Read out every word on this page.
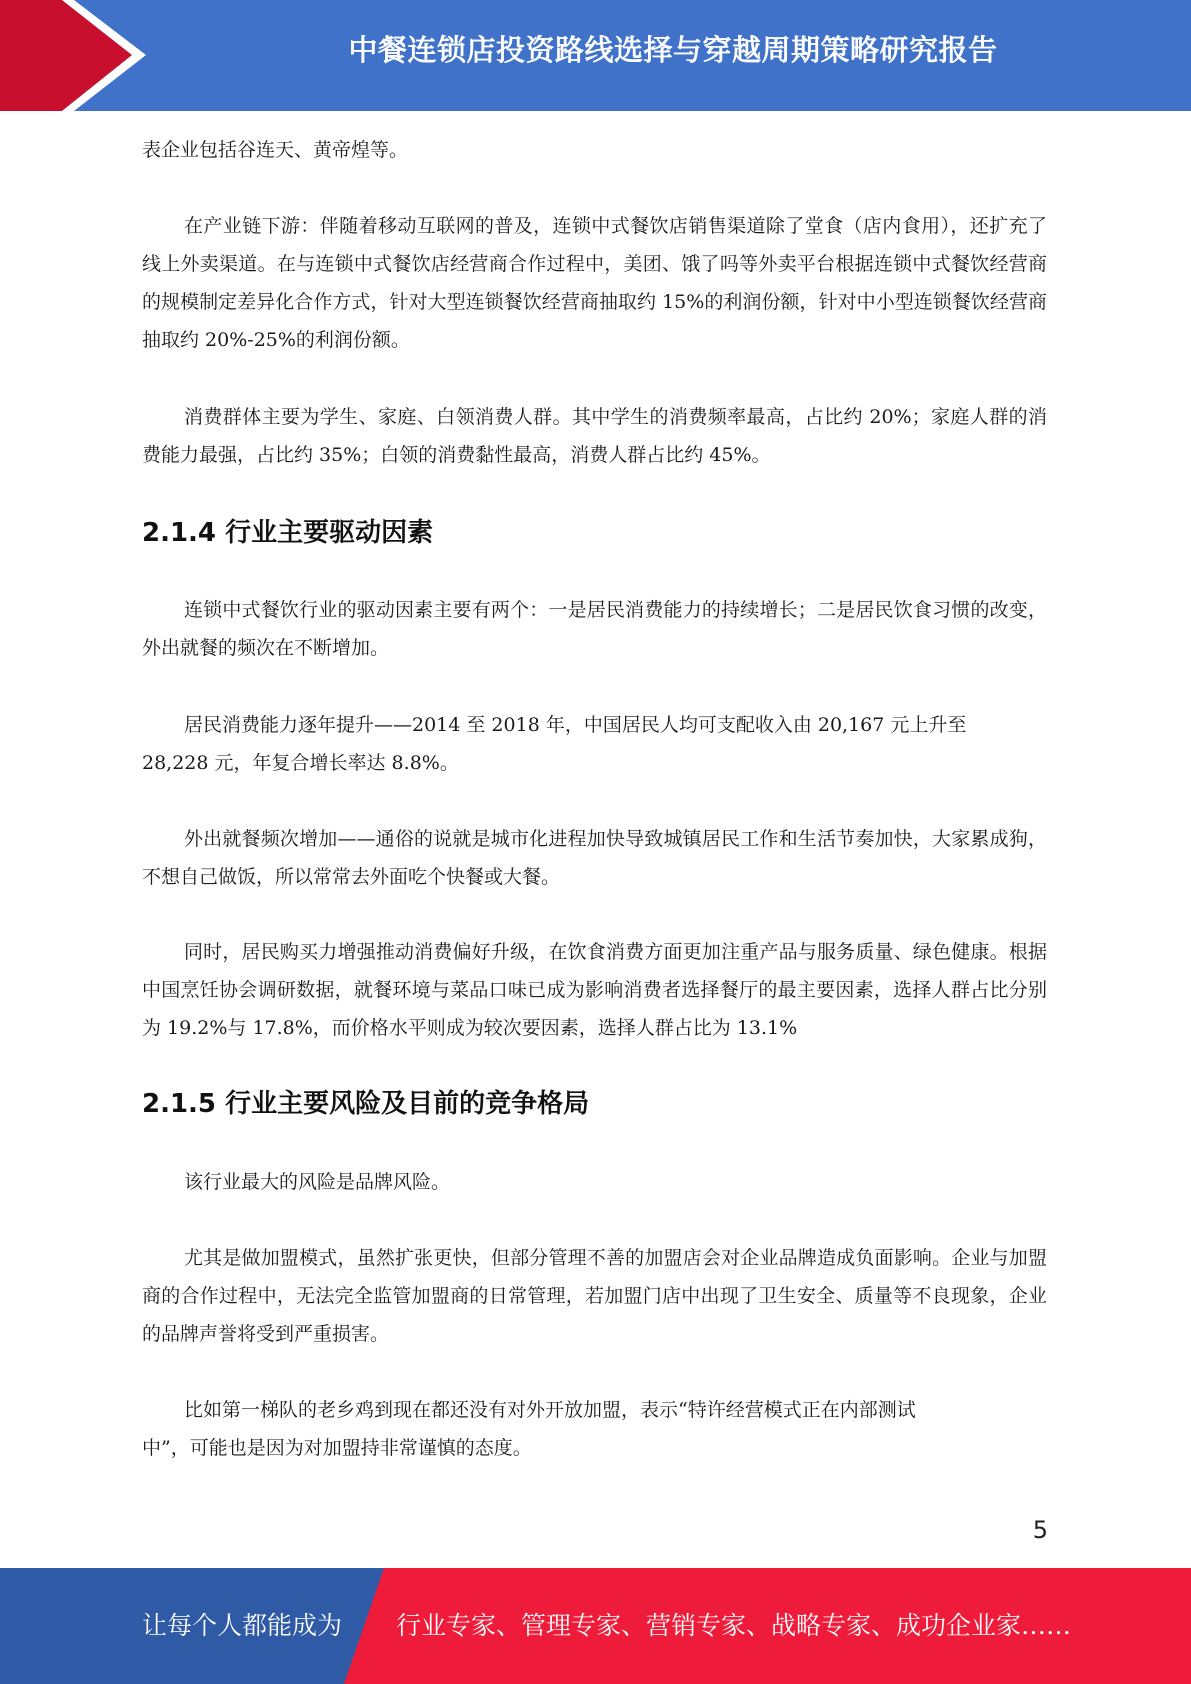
中餐连锁店投资路线选择与穿越周期策略研究报告

表企业包括谷连天、黄帝煌等。

在产业链下游：伴随着移动互联网的普及，连锁中式餐饮店销售渠道除了堂食（店内食用），还扩充了线上外卖渠道。在与连锁中式餐饮店经营商合作过程中，美团、饿了吗等外卖平台根据连锁中式餐饮经营商的规模制定差异化合作方式，针对大型连锁餐饮经营商抽取约 15%的利润份额，针对中小型连锁餐饮经营商抽取约 20%-25%的利润份额。

消费群体主要为学生、家庭、白领消费人群。其中学生的消费频率最高，占比约 20%；家庭人群的消费能力最强，占比约 35%；白领的消费黏性最高，消费人群占比约 45%。

2.1.4 行业主要驱动因素

连锁中式餐饮行业的驱动因素主要有两个：一是居民消费能力的持续增长；二是居民饮食习惯的改变，外出就餐的频次在不断增加。

居民消费能力逐年提升——2014 至 2018 年，中国居民人均可支配收入由 20,167 元上升至

28,228 元，年复合增长率达 8.8%。

外出就餐频次增加——通俗的说就是城市化进程加快导致城镇居民工作和生活节奏加快，大家累成狗，不想自己做饭，所以常常去外面吃个快餐或大餐。

同时，居民购买力增强推动消费偏好升级，在饮食消费方面更加注重产品与服务质量、绿色健康。根据中国烹饪协会调研数据，就餐环境与菜品口味已成为影响消费者选择餐厅的最主要因素，选择人群占比分别为 19.2%与 17.8%，而价格水平则成为较次要因素，选择人群占比为 13.1%

2.1.5 行业主要风险及目前的竞争格局

该行业最大的风险是品牌风险。

尤其是做加盟模式，虽然扩张更快，但部分管理不善的加盟店会对企业品牌造成负面影响。企业与加盟商的合作过程中，无法完全监管加盟商的日常管理，若加盟门店中出现了卫生安全、质量等不良现象，企业的品牌声誉将受到严重损害。

比如第一梯队的老乡鸡到现在都还没有对外开放加盟，表示“特许经营模式正在内部测试

中”，可能也是因为对加盟持非常谨慎的态度。

5
让每个人都能成为 行业专家、管理专家、营销专家、战略专家、成功企业家……
